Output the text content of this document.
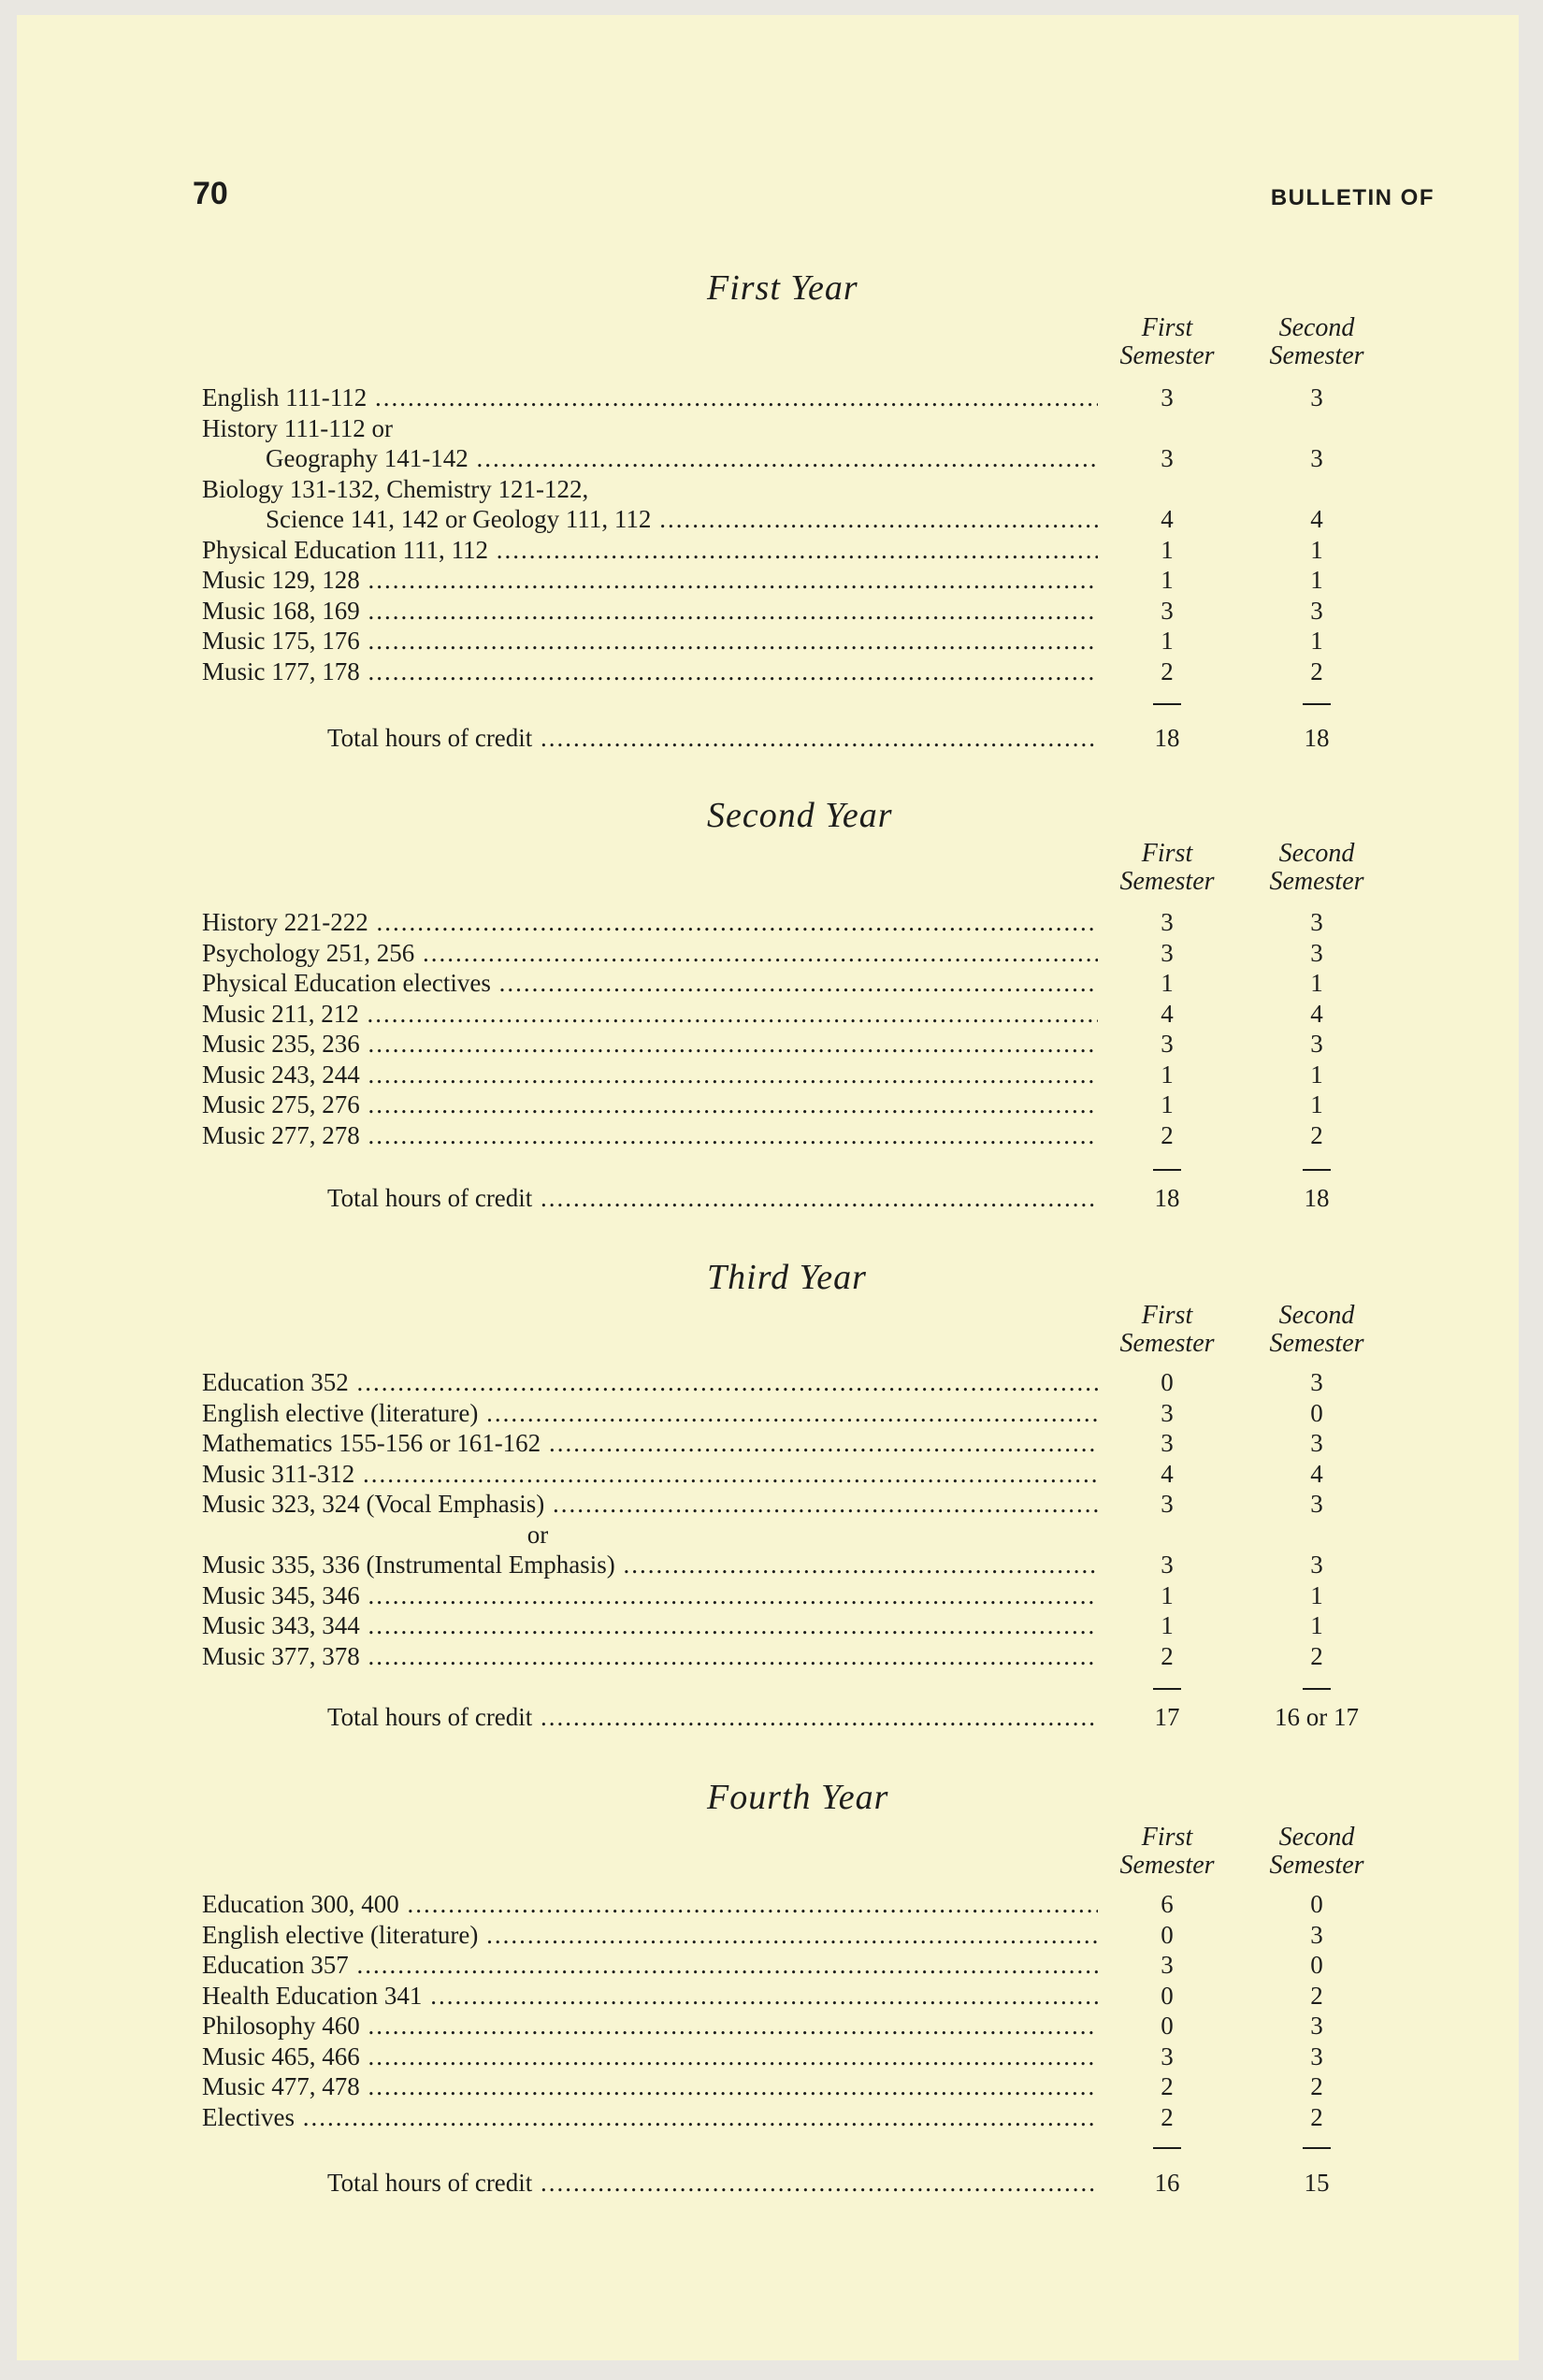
70	BULLETIN OF
First Year
First
Semester
Second
Semester
English 111-112 .....	3	3
History 111-112 or
Geography 141-142 .....	3	3
Biology 131-132, Chemistry 121-122,
Science 141, 142 or Geology 111, 112 .....	4	4
Physical Education 111, 112 .....	1	1
Music 129, 128 .....	1	1
Music 168, 169 .....	3	3
Music 175, 176 .....	1	1
Music 177, 178 .....	2	2
Total hours of credit .....	18	18
Second Year
First
Semester
Second
Semester
History 221-222 .....	3	3
Psychology 251, 256 .....	3	3
Physical Education electives .....	1	1
Music 211, 212 .....	4	4
Music 235, 236 .....	3	3
Music 243, 244 .....	1	1
Music 275, 276 .....	1	1
Music 277, 278 .....	2	2
Total hours of credit .....	18	18
Third Year
First
Semester
Second
Semester
Education 352 .....	0	3
English elective (literature) .....	3	0
Mathematics 155-156 or 161-162 .....	3	3
Music 311-312 .....	4	4
Music 323, 324 (Vocal Emphasis) .....	3	3
or
Music 335, 336 (Instrumental Emphasis) .....	3	3
Music 345, 346 .....	1	1
Music 343, 344 .....	1	1
Music 377, 378 .....	2	2
Total hours of credit .....	17	16 or 17
Fourth Year
First
Semester
Second
Semester
Education 300, 400 .....	6	0
English elective (literature) .....	0	3
Education 357 .....	3	0
Health Education 341 .....	0	2
Philosophy 460 .....	0	3
Music 465, 466 .....	3	3
Music 477, 478 .....	2	2
Electives .....	2	2
Total hours of credit .....	16	15
